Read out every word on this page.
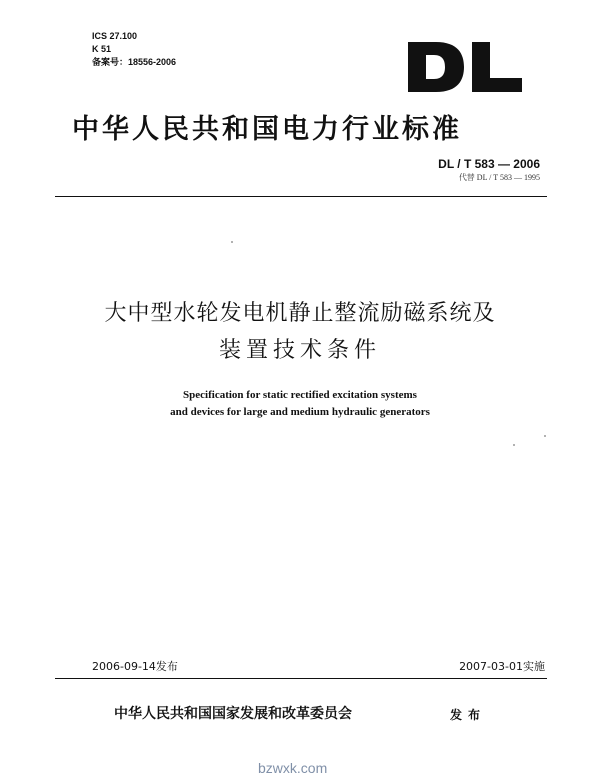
ICS 27.100
K 51
备案号：18556-2006
中华人民共和国电力行业标准
DL / T 583 — 2006
代替 DL / T 583 — 1995
大中型水轮发电机静止整流励磁系统及
装置技术条件
Specification for static rectified excitation systems
and devices for large and medium hydraulic generators
2006-09-14发布	2007-03-01实施
中华人民共和国国家发展和改革委员会	发布
bzwxk.com
